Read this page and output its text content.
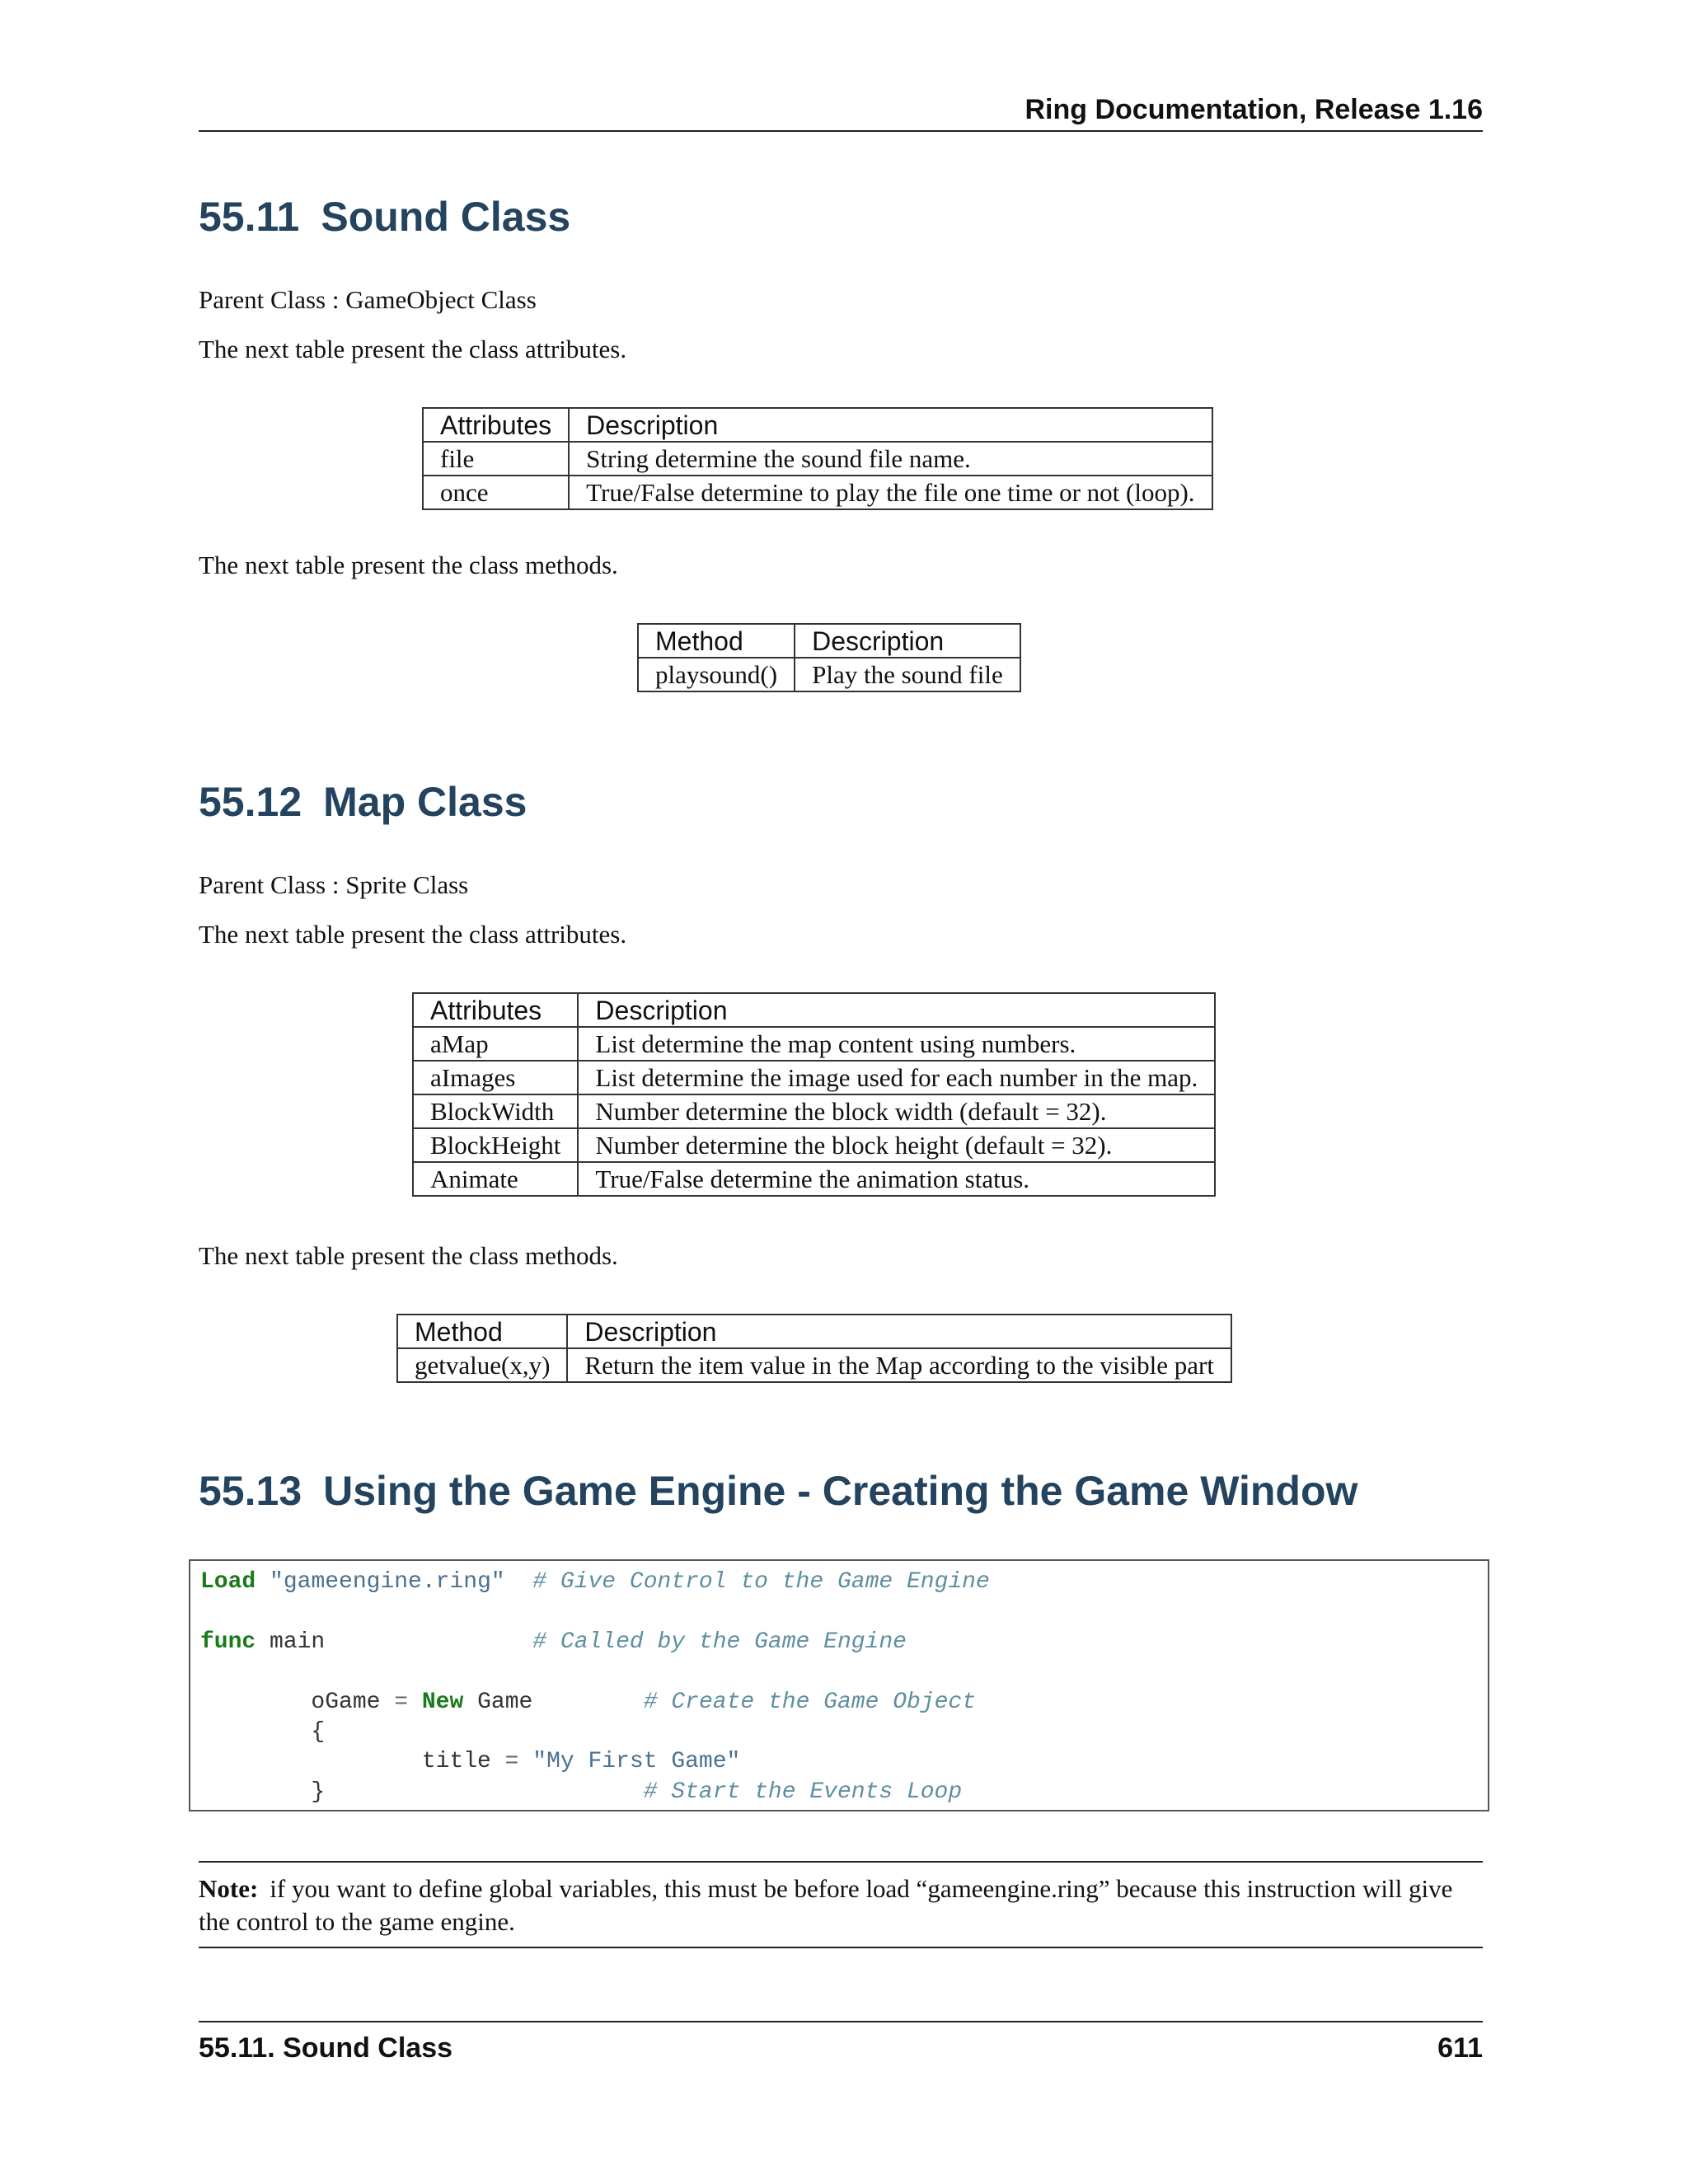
Ring Documentation, Release 1.16
55.11 Sound Class

Parent Class : GameObject Class

The next table present the class attributes.

Attributes	Description
file	String determine the sound file name.
once	True/False determine to play the file one time or not (loop).

The next table present the class methods.

Method	Description
playsound()	Play the sound file
55.12 Map Class

Parent Class : Sprite Class

The next table present the class attributes.

Attributes	Description
aMap	List determine the map content using numbers.
aImages	List determine the image used for each number in the map.
BlockWidth	Number determine the block width (default = 32).
BlockHeight	Number determine the block height (default = 32).
Animate	True/False determine the animation status.

The next table present the class methods.

Method	Description
getvalue(x,y)	Return the item value in the Map according to the visible part
55.13 Using the Game Engine - Creating the Game Window
Load "gameengine.ring" # Give Control to the Game Engine
func main	# Called by the Game Engine
oGame = New Game	# Create the Game Object
{
title = "My First Game"
}	# Start the Events Loop
Note: if you want to define global variables, this must be before load “gameengine.ring” because this instruction will give the control to the game engine.
55.11. Sound Class	611
